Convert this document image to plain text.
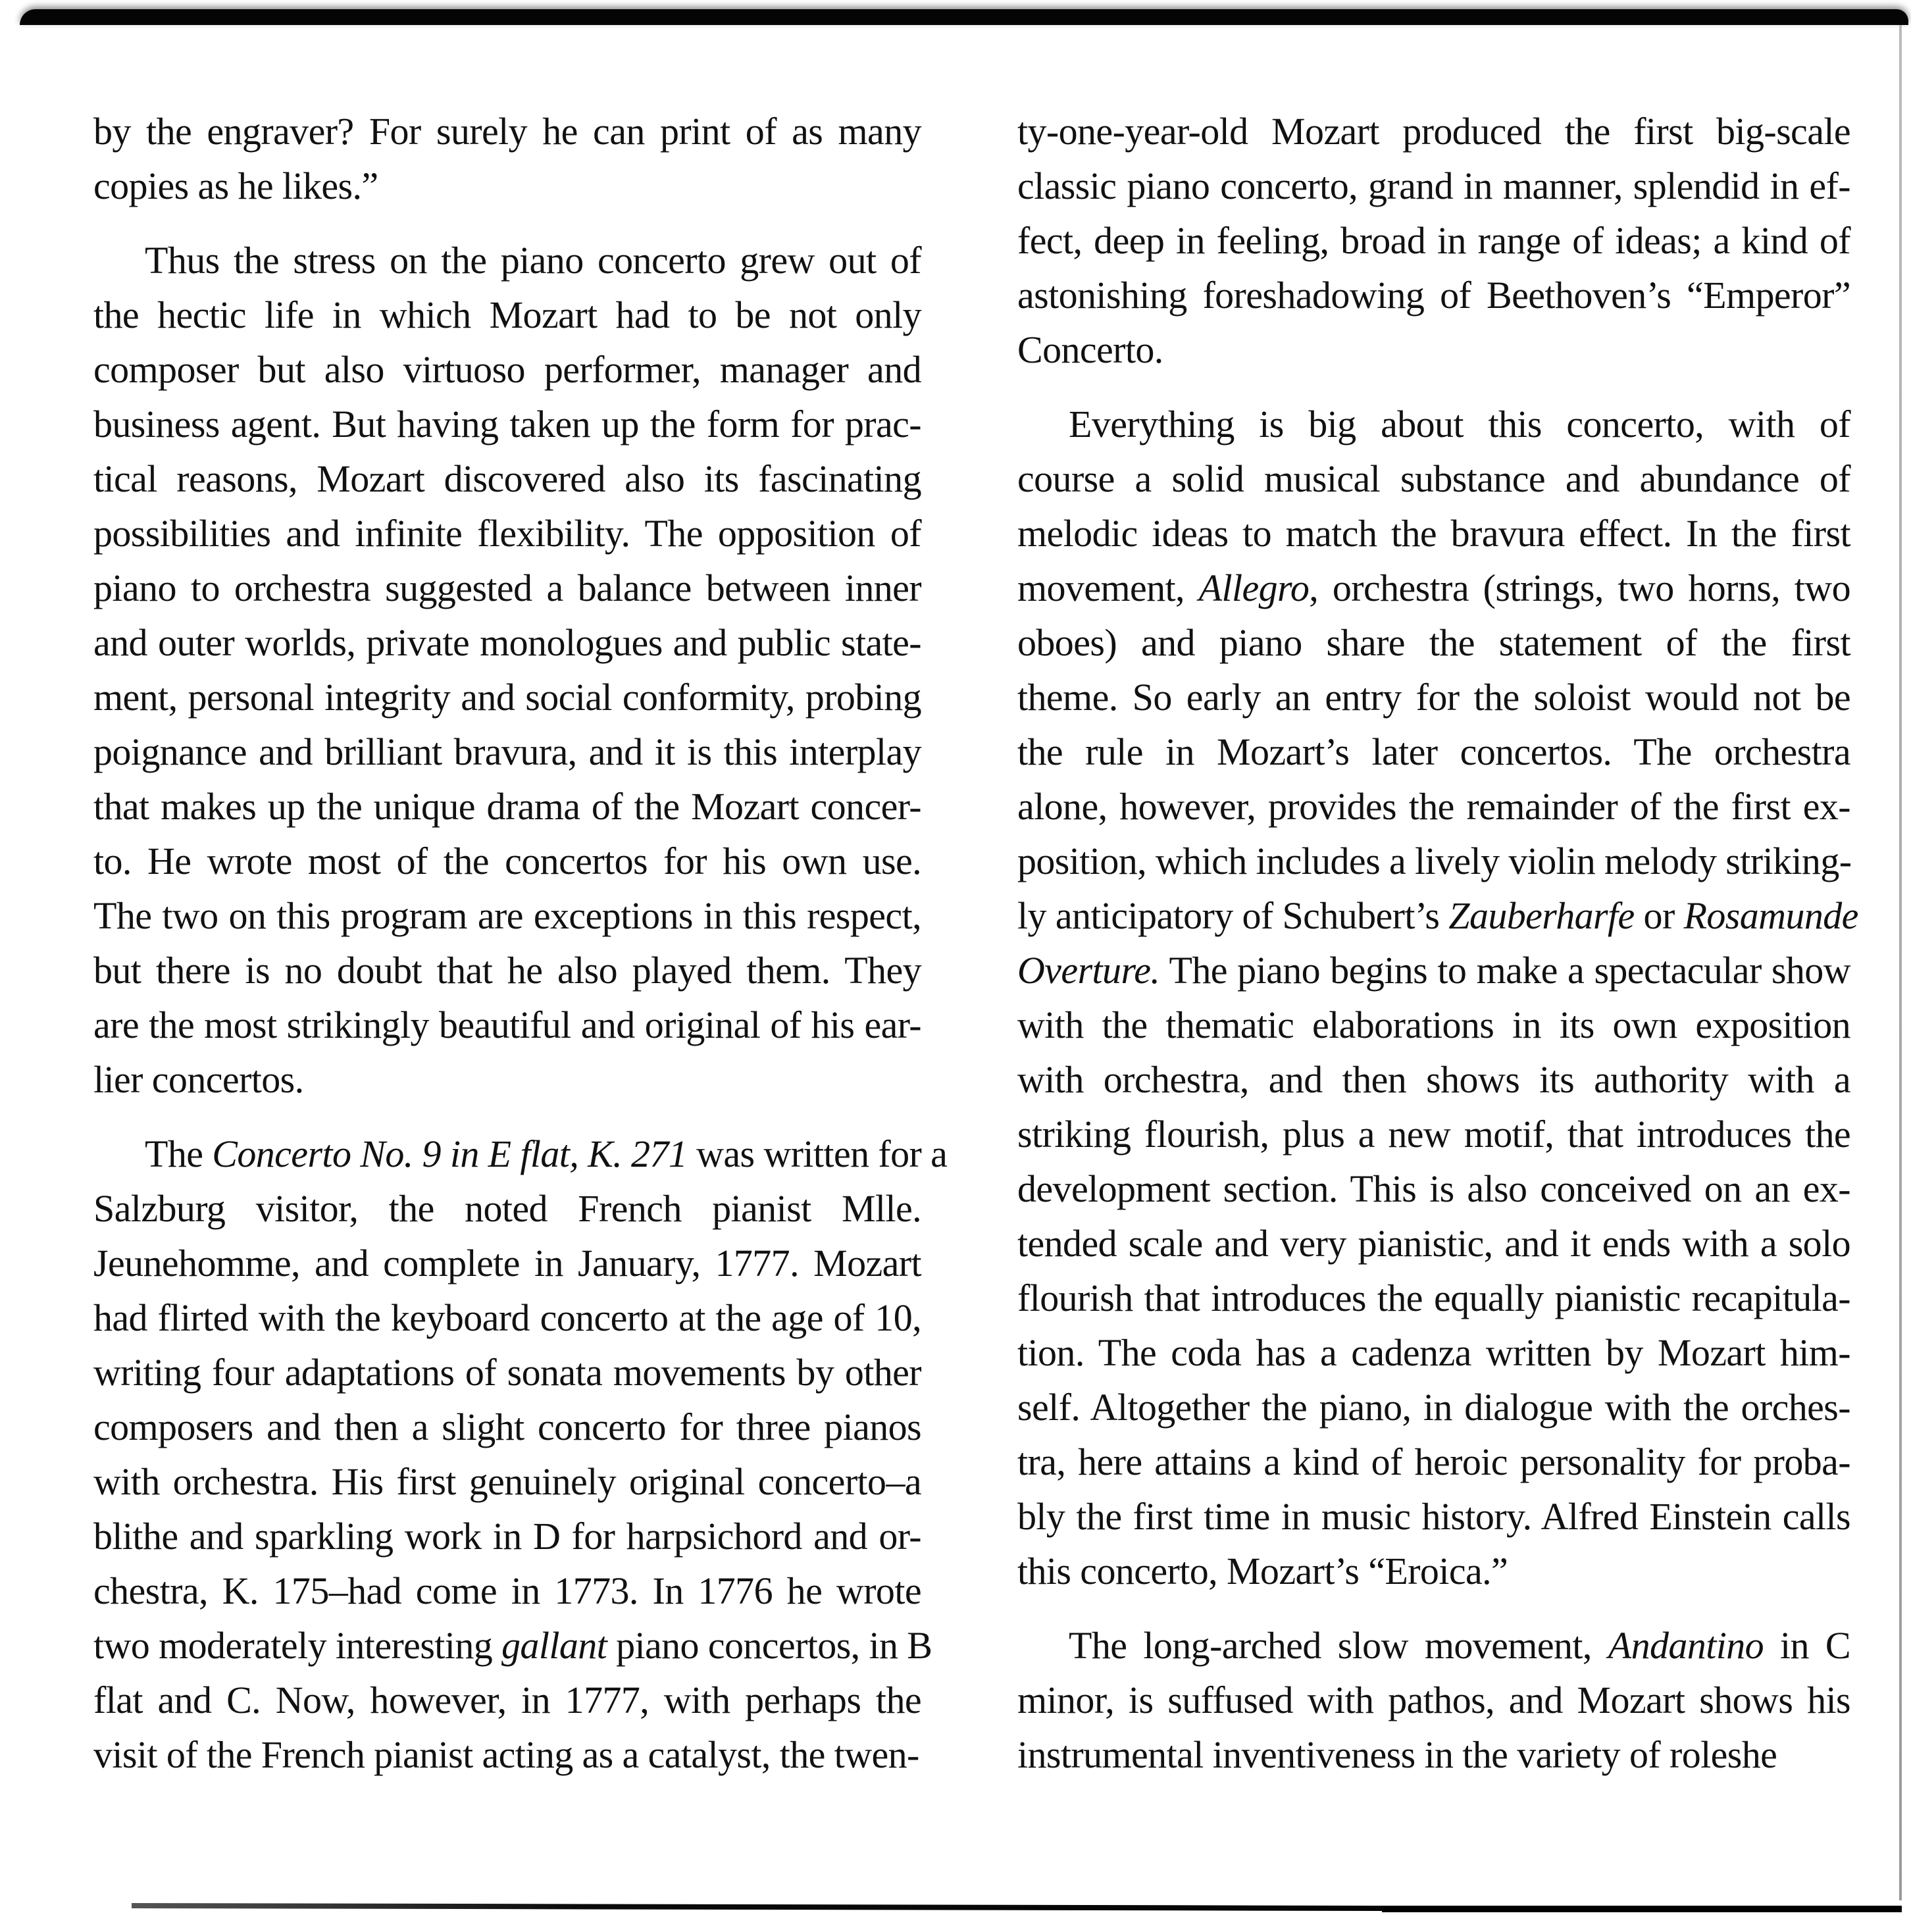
by the engraver? For surely he can print of as many
copies as he likes.”
Thus the stress on the piano concerto grew out of
the hectic life in which Mozart had to be not only
composer but also virtuoso performer, manager and
business agent. But having taken up the form for prac-
tical reasons, Mozart discovered also its fascinating
possibilities and infinite flexibility. The opposition of
piano to orchestra suggested a balance between inner
and outer worlds, private monologues and public state-
ment, personal integrity and social conformity, probing
poignance and brilliant bravura, and it is this interplay
that makes up the unique drama of the Mozart concer-
to. He wrote most of the concertos for his own use.
The two on this program are exceptions in this respect,
but there is no doubt that he also played them. They
are the most strikingly beautiful and original of his ear-
lier concertos.
The Concerto No. 9 in E flat, K. 271 was written for a
Salzburg visitor, the noted French pianist Mlle.
Jeunehomme, and complete in January, 1777. Mozart
had flirted with the keyboard concerto at the age of 10,
writing four adaptations of sonata movements by other
composers and then a slight concerto for three pianos
with orchestra. His first genuinely original concerto–a
blithe and sparkling work in D for harpsichord and or-
chestra, K. 175–had come in 1773. In 1776 he wrote
two moderately interesting gallant piano concertos, in B
flat and C. Now, however, in 1777, with perhaps the
visit of the French pianist acting as a catalyst, the twen-
ty-one-year-old Mozart produced the first big-scale
classic piano concerto, grand in manner, splendid in ef-
fect, deep in feeling, broad in range of ideas; a kind of
astonishing foreshadowing of Beethoven’s “Emperor”
Concerto.
Everything is big about this concerto, with of
course a solid musical substance and abundance of
melodic ideas to match the bravura effect. In the first
movement, Allegro, orchestra (strings, two horns, two
oboes) and piano share the statement of the first
theme. So early an entry for the soloist would not be
the rule in Mozart’s later concertos. The orchestra
alone, however, provides the remainder of the first ex-
position, which includes a lively violin melody striking-
ly anticipatory of Schubert’s Zauberharfe or Rosamunde
Overture. The piano begins to make a spectacular show
with the thematic elaborations in its own exposition
with orchestra, and then shows its authority with a
striking flourish, plus a new motif, that introduces the
development section. This is also conceived on an ex-
tended scale and very pianistic, and it ends with a solo
flourish that introduces the equally pianistic recapitula-
tion. The coda has a cadenza written by Mozart him-
self. Altogether the piano, in dialogue with the orches-
tra, here attains a kind of heroic personality for proba-
bly the first time in music history. Alfred Einstein calls
this concerto, Mozart’s “Eroica.”
The long-arched slow movement, Andantino in C
minor, is suffused with pathos, and Mozart shows his
instrumental inventiveness in the variety of roleshe
